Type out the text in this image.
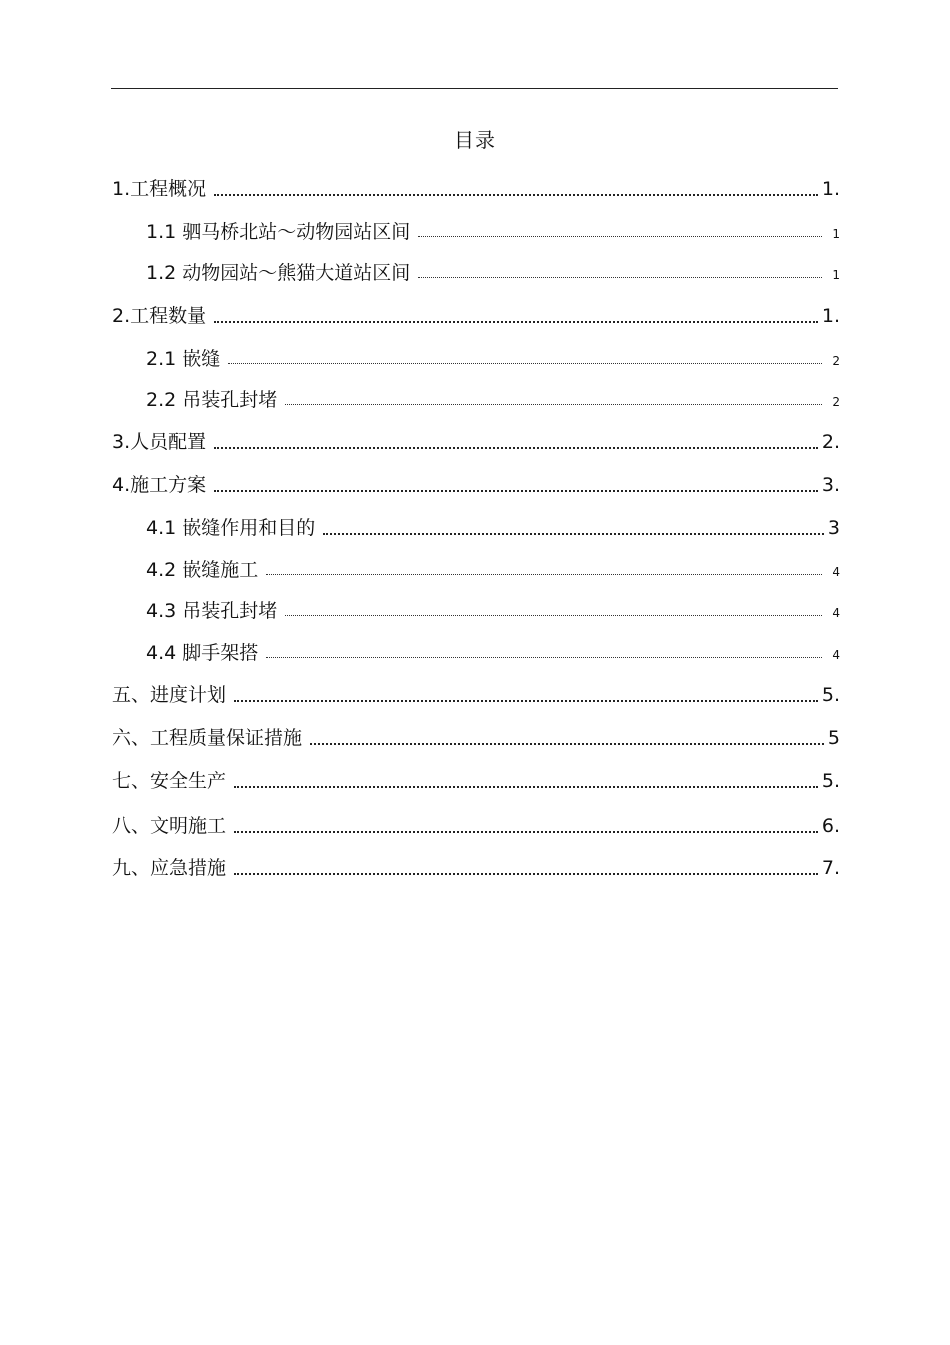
目录
1.工程概况	1.
1.1 驷马桥北站～动物园站区间	1
1.2 动物园站～熊猫大道站区间	1
2.工程数量	1.
2.1 嵌缝	2
2.2 吊装孔封堵	2
3.人员配置	2.
4.施工方案	3.
4.1 嵌缝作用和目的	3
4.2 嵌缝施工	4
4.3 吊装孔封堵	4
4.4 脚手架搭	4
五、进度计划	5.
六、工程质量保证措施	5
七、安全生产	5.
八、文明施工	6.
九、应急措施	7.
